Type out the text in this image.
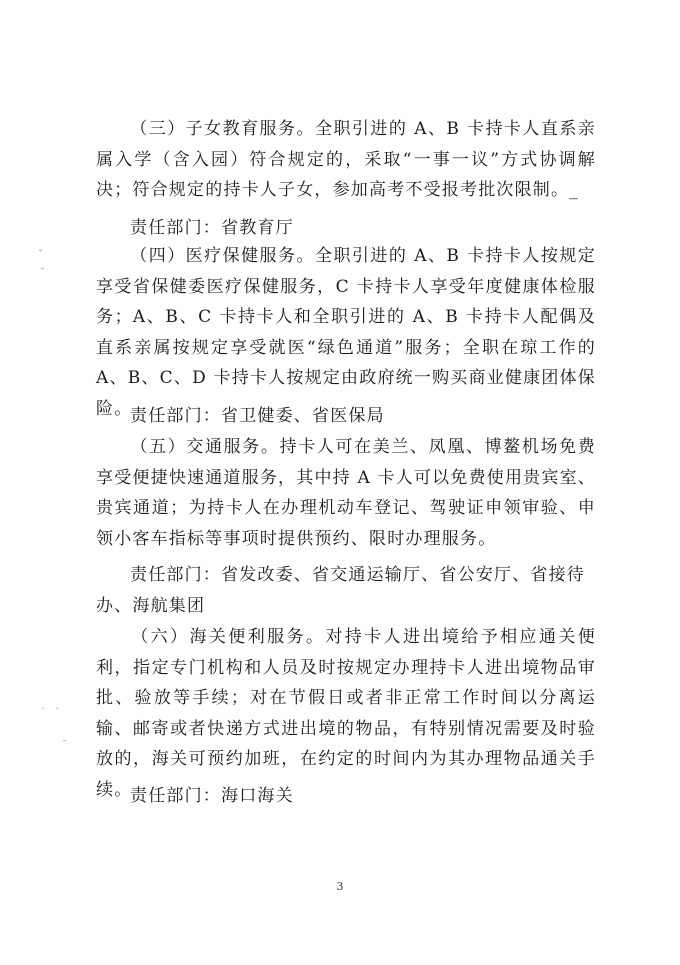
（三）子女教育服务。全职引进的 A、B 卡持卡人直系亲属入学（含入园）符合规定的，采取“一事一议”方式协调解决；符合规定的持卡人子女，参加高考不受报考批次限制。_
责任部门：省教育厅
（四）医疗保健服务。全职引进的 A、B 卡持卡人按规定享受省保健委医疗保健服务，C 卡持卡人享受年度健康体检服务；A、B、C 卡持卡人和全职引进的 A、B 卡持卡人配偶及直系亲属按规定享受就医“绿色通道”服务；全职在琼工作的 A、B、C、D 卡持卡人按规定由政府统一购买商业健康团体保险。
责任部门：省卫健委、省医保局
（五）交通服务。持卡人可在美兰、凤凰、博鳌机场免费享受便捷快速通道服务，其中持 A 卡人可以免费使用贵宾室、贵宾通道；为持卡人在办理机动车登记、驾驶证申领审验、申领小客车指标等事项时提供预约、限时办理服务。
责任部门：省发改委、省交通运输厅、省公安厅、省接待办、海航集团
（六）海关便利服务。对持卡人进出境给予相应通关便利，指定专门机构和人员及时按规定办理持卡人进出境物品审批、验放等手续；对在节假日或者非正常工作时间以分离运输、邮寄或者快递方式进出境的物品，有特别情况需要及时验放的，海关可预约加班，在约定的时间内为其办理物品通关手续。
责任部门：海口海关
3
ˇ
ˇ
ˊ ˊ
ˉ
